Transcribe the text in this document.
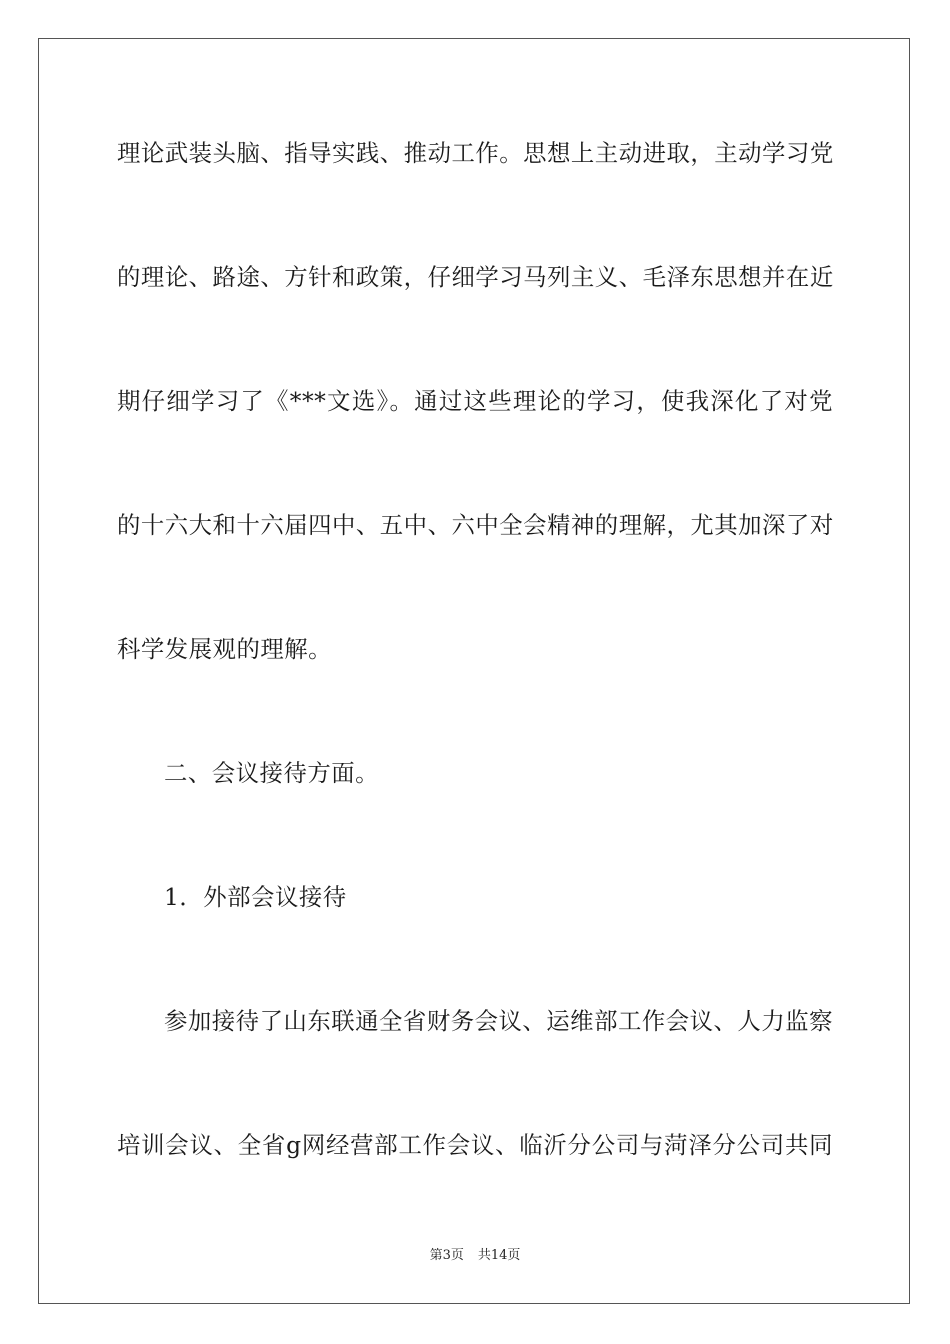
理论武装头脑、指导实践、推动工作。思想上主动进取，主动学习党
的理论、路途、方针和政策，仔细学习马列主义、毛泽东思想并在近
期仔细学习了《***文选》。通过这些理论的学习，使我深化了对党
的十六大和十六届四中、五中、六中全会精神的理解，尤其加深了对
科学发展观的理解。
二、会议接待方面。
1．外部会议接待
参加接待了山东联通全省财务会议、运维部工作会议、人力监察
培训会议、全省g网经营部工作会议、临沂分公司与菏泽分公司共同
第3页 共14页
